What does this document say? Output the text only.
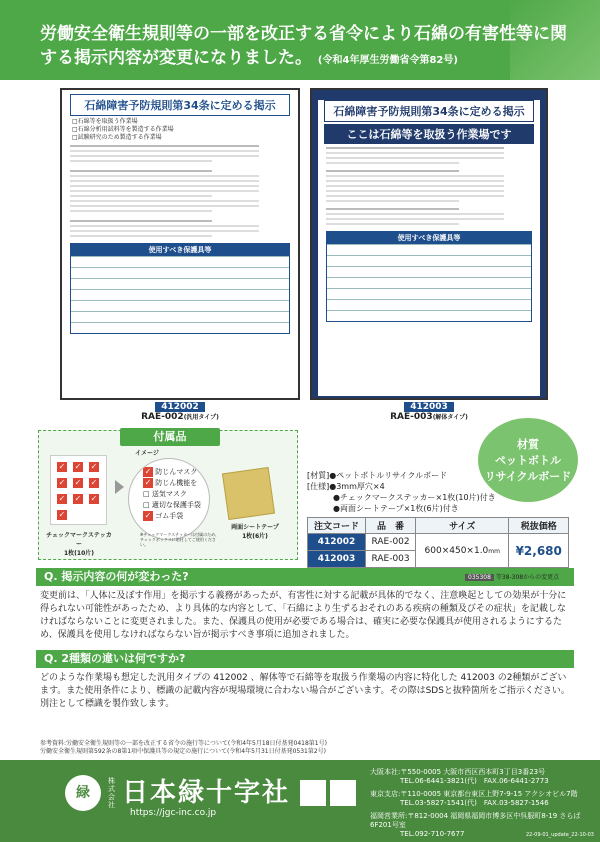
労働安全衛生規則等の一部を改正する省令により石綿の有害性等に関する掲示内容が変更になりました。 (令和4年厚生労働省令第82号)
石綿障害予防規則第34条に定める掲示
□石綿等を取扱う作業場
□石綿分析用試料等を製造する作業場
□試験研究のため製造する作業場
使用すべき保護具等
412002
RAE-002(汎用タイプ)
石綿障害予防規則第34条に定める掲示
ここは石綿等を取扱う作業場です
使用すべき保護具等
412003
RAE-003(解体タイプ)
付属品
✓ ✓ ✓
✓ ✓ ✓
✓ ✓ ✓
✓
チェックマークステッカー
1枚(10片)
イメージ
✓ 防じんマスク
✓ 防じん機能を
□ 送気マスク
□ 適切な保護手袋
✓ ゴム手袋
※チェックマークステッカーは付属のため、チェックボックスに貼付してご使用ください。
両面シートテープ
1枚(6片)
材質
ペットボトル
リサイクルボード
[材質]●ペットボトルリサイクルボード
[仕様]●3mm厚穴×4
●チェックマークステッカー×1枚(10片)付き
●両面シートテープ×1枚(6片)付き
注文コード	品　番	サイズ	税抜価格
412002	RAE-002	600×450×1.0mm	¥2,680
412003	RAE-003		
Q. 掲示内容の何が変わった?	035308 等38-308からの変更点
変更前は、「人体に及ぼす作用」を掲示する義務があったが、有害性に対する記載が具体的でなく、注意喚起としての効果が十分に得られない可能性があったため、より具体的な内容として、「石綿により生ずるおそれのある疾病の種類及びその症状」を記載しなければならないことに変更されました。また、保護具の使用が必要である場合は、確実に必要な保護具が使用されるようにするため、保護具を使用しなければならない旨が掲示すべき事項に追加されました。
Q. 2種類の違いは何ですか?
どのような作業場も想定した汎用タイプの 412002 、解体等で石綿等を取扱う作業場の内容に特化した 412003 の2種類がございます。また使用条件により、標識の記載内容が現場環境に合わない場合がございます。その際はSDSと抜粋箇所をご指示ください。別注として標識を製作致します。
参考資料:労働安全衛生規則等の一部を改正する省令の施行等について(令和4年5月18日付基発0418第1号)
労働安全衛生規則第592条の8第1項中保護具等の規定の施行について(令和4年5月31日付基発0531第2号)
緑
株式会社 日本緑十字社
https://jgc-inc.co.jp
大阪本社:〒550-0005 大阪市西区西本町3丁目3番23号
TEL.06-6441-3821(代)　FAX.06-6441-2773
東京支店:〒110-0005 東京都台東区上野7-9-15 アクシオビル7階
TEL.03-5827-1541(代)　FAX.03-5827-1546
福岡営業所:〒812-0004 福岡県福岡市博多区中呉服町8-19 さらば6F201号室
TEL.092-710-7677	22-09-01_update_22-10-03
